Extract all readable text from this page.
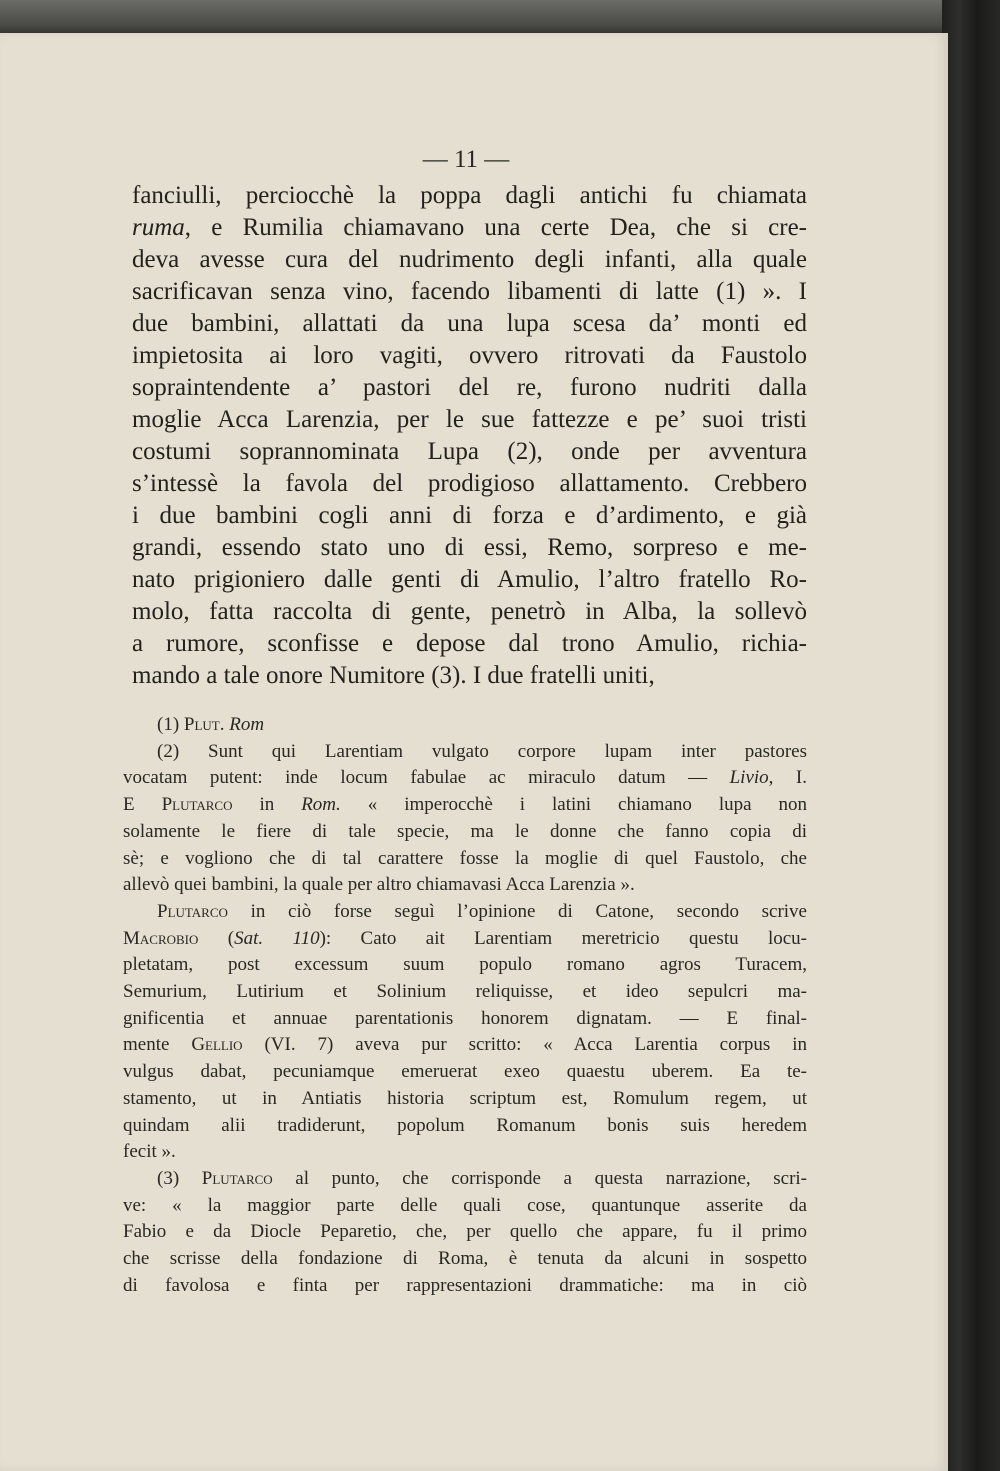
— 11 —
fanciulli, perciocchè la poppa dagli antichi fu chiamata
ruma, e Rumilia chiamavano una certe Dea, che si cre-
deva avesse cura del nudrimento degli infanti, alla quale
sacrificavan senza vino, facendo libamenti di latte (1) ». I
due bambini, allattati da una lupa scesa da’ monti ed
impietosita ai loro vagiti, ovvero ritrovati da Faustolo
sopraintendente a’ pastori del re, furono nudriti dalla
moglie Acca Larenzia, per le sue fattezze e pe’ suoi tristi
costumi soprannominata Lupa (2), onde per avventura
s’intessè la favola del prodigioso allattamento. Crebbero
i due bambini cogli anni di forza e d’ardimento, e già
grandi, essendo stato uno di essi, Remo, sorpreso e me-
nato prigioniero dalle genti di Amulio, l’altro fratello Ro-
molo, fatta raccolta di gente, penetrò in Alba, la sollevò
a rumore, sconfisse e depose dal trono Amulio, richia-
mando a tale onore Numitore (3). I due fratelli uniti,
(1) Plut. Rom
(2) Sunt qui Larentiam vulgato corpore lupam inter pastores
vocatam putent: inde locum fabulae ac miraculo datum — Livio, I.
E Plutarco in Rom. « imperocchè i latini chiamano lupa non
solamente le fiere di tale specie, ma le donne che fanno copia di
sè; e vogliono che di tal carattere fosse la moglie di quel Faustolo, che
allevò quei bambini, la quale per altro chiamavasi Acca Larenzia ».
Plutarco in ciò forse seguì l’opinione di Catone, secondo scrive
Macrobio (Sat. 110): Cato ait Larentiam meretricio questu locu-
pletatam, post excessum suum populo romano agros Turacem,
Semurium, Lutirium et Solinium reliquisse, et ideo sepulcri ma-
gnificentia et annuae parentationis honorem dignatam. — E final-
mente Gellio (VI. 7) aveva pur scritto: « Acca Larentia corpus in
vulgus dabat, pecuniamque emeruerat exeo quaestu uberem. Ea te-
stamento, ut in Antiatis historia scriptum est, Romulum regem, ut
quindam alii tradiderunt, popolum Romanum bonis suis heredem
fecit ».
(3) Plutarco al punto, che corrisponde a questa narrazione, scri-
ve: « la maggior parte delle quali cose, quantunque asserite da
Fabio e da Diocle Peparetio, che, per quello che appare, fu il primo
che scrisse della fondazione di Roma, è tenuta da alcuni in sospetto
di favolosa e finta per rappresentazioni drammatiche: ma in ciò
